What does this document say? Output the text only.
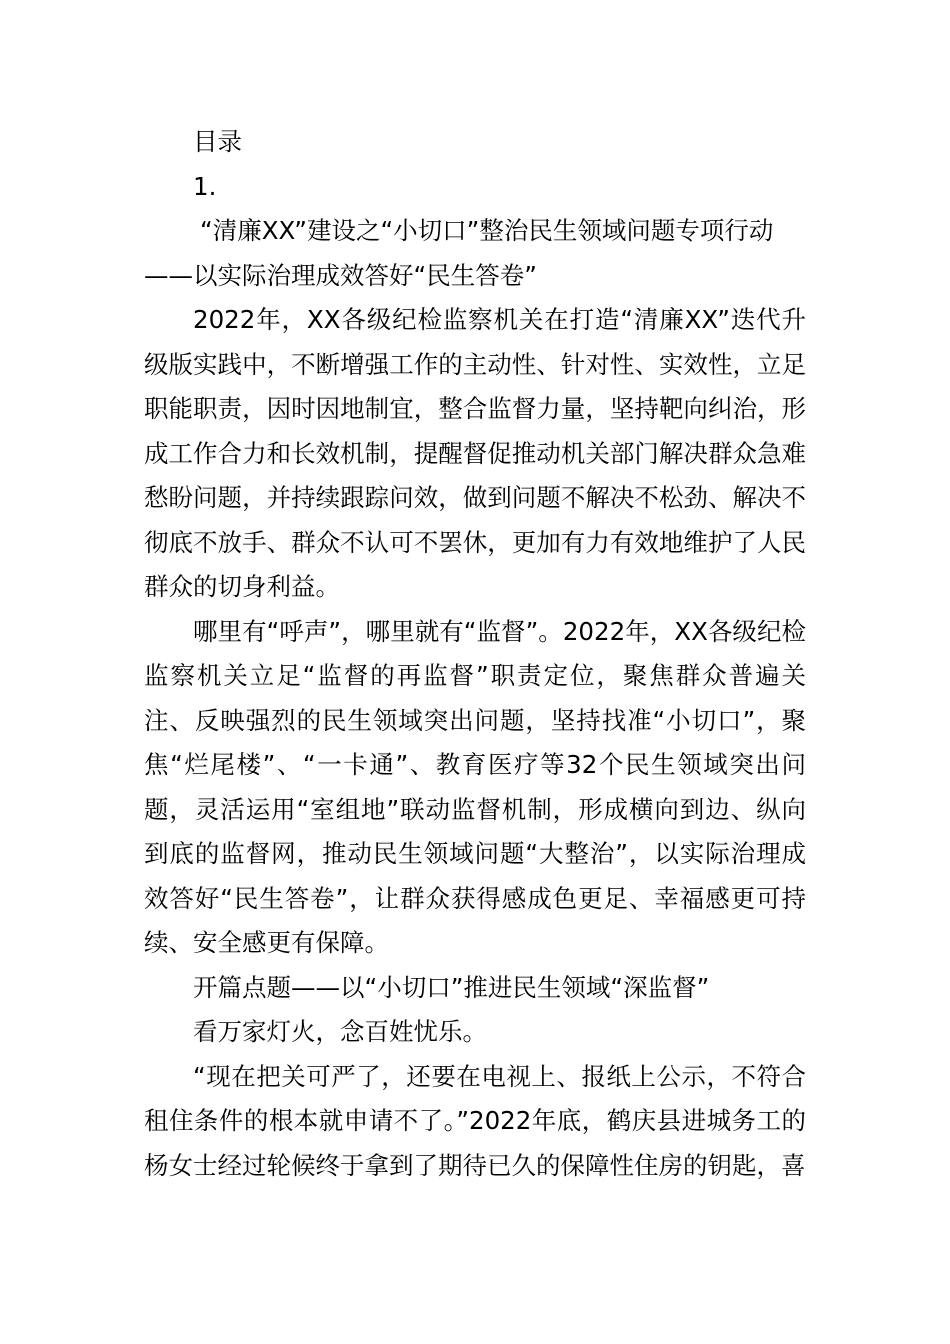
目录
1.
“清廉XX”建设之“小切口”整治民生领域问题专项行动
——以实际治理成效答好“民生答卷”

2022年，XX各级纪检监察机关在打造“清廉XX”迭代升级版实践中，不断增强工作的主动性、针对性、实效性，立足职能职责，因时因地制宜，整合监督力量，坚持靶向纠治，形成工作合力和长效机制，提醒督促推动机关部门解决群众急难愁盼问题，并持续跟踪问效，做到问题不解决不松劲、解决不彻底不放手、群众不认可不罢休，更加有力有效地维护了人民群众的切身利益。

哪里有“呼声”，哪里就有“监督”。2022年，XX各级纪检监察机关立足“监督的再监督”职责定位，聚焦群众普遍关注、反映强烈的民生领域突出问题，坚持找准“小切口”，聚焦“烂尾楼”、“一卡通”、教育医疗等32个民生领域突出问题，灵活运用“室组地”联动监督机制，形成横向到边、纵向到底的监督网，推动民生领域问题“大整治”，以实际治理成效答好“民生答卷”，让群众获得感成色更足、幸福感更可持续、安全感更有保障。

开篇点题——以“小切口”推进民生领域“深监督”
看万家灯火，念百姓忧乐。

“现在把关可严了，还要在电视上、报纸上公示，不符合租住条件的根本就申请不了。”2022年底，鹤庆县进城务工的杨女士经过轮候终于拿到了期待已久的保障性住房的钥匙，喜
